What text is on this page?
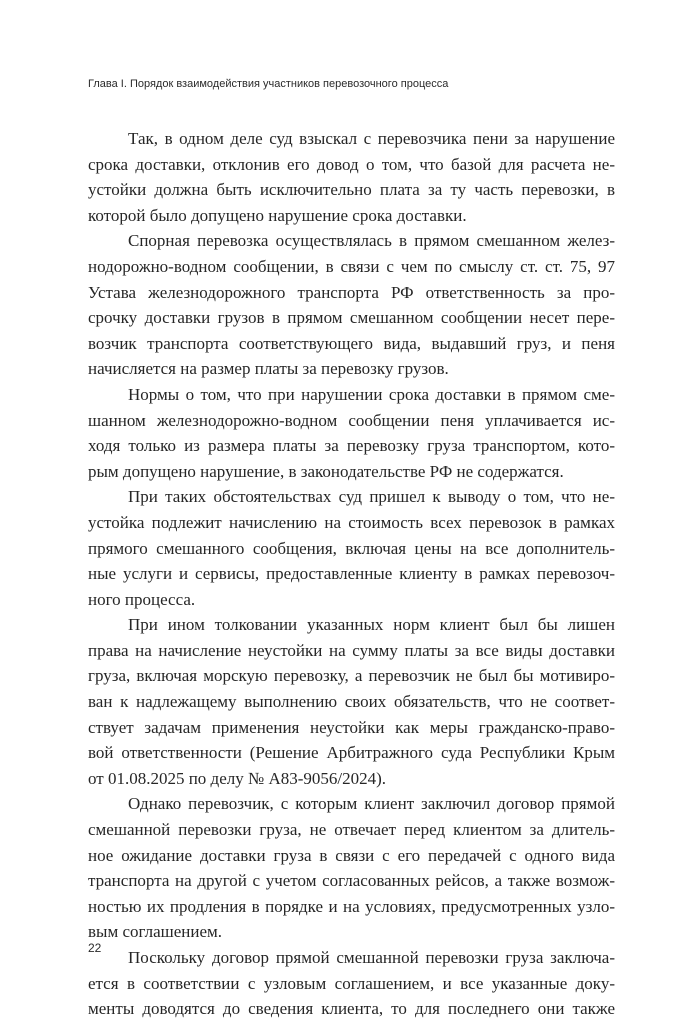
Глава I. Порядок взаимодействия участников перевозочного процесса
Так, в одном деле суд взыскал с перевозчика пени за нарушение
срока доставки, отклонив его довод о том, что базой для расчета не-
устойки должна быть исключительно плата за ту часть перевозки, в
которой было допущено нарушение срока доставки.
Спорная перевозка осуществлялась в прямом смешанном желез-
нодорожно-водном сообщении, в связи с чем по смыслу ст. ст. 75, 97
Устава железнодорожного транспорта РФ ответственность за про-
срочку доставки грузов в прямом смешанном сообщении несет пере-
возчик транспорта соответствующего вида, выдавший груз, и пеня
начисляется на размер платы за перевозку грузов.
Нормы о том, что при нарушении срока доставки в прямом сме-
шанном железнодорожно-водном сообщении пеня уплачивается ис-
ходя только из размера платы за перевозку груза транспортом, кото-
рым допущено нарушение, в законодательстве РФ не содержатся.
При таких обстоятельствах суд пришел к выводу о том, что не-
устойка подлежит начислению на стоимость всех перевозок в рамках
прямого смешанного сообщения, включая цены на все дополнитель-
ные услуги и сервисы, предоставленные клиенту в рамках перевозоч-
ного процесса.
При ином толковании указанных норм клиент был бы лишен
права на начисление неустойки на сумму платы за все виды доставки
груза, включая морскую перевозку, а перевозчик не был бы мотивиро-
ван к надлежащему выполнению своих обязательств, что не соответ-
ствует задачам применения неустойки как меры гражданско-право-
вой ответственности (Решение Арбитражного суда Республики Крым
от 01.08.2025 по делу № А83-9056/2024).
Однако перевозчик, с которым клиент заключил договор прямой
смешанной перевозки груза, не отвечает перед клиентом за длитель-
ное ожидание доставки груза в связи с его передачей с одного вида
транспорта на другой с учетом согласованных рейсов, а также возмож-
ностью их продления в порядке и на условиях, предусмотренных узло-
вым соглашением.
Поскольку договор прямой смешанной перевозки груза заключа-
ется в соответствии с узловым соглашением, и все указанные доку-
менты доводятся до сведения клиента, то для последнего они также
22
